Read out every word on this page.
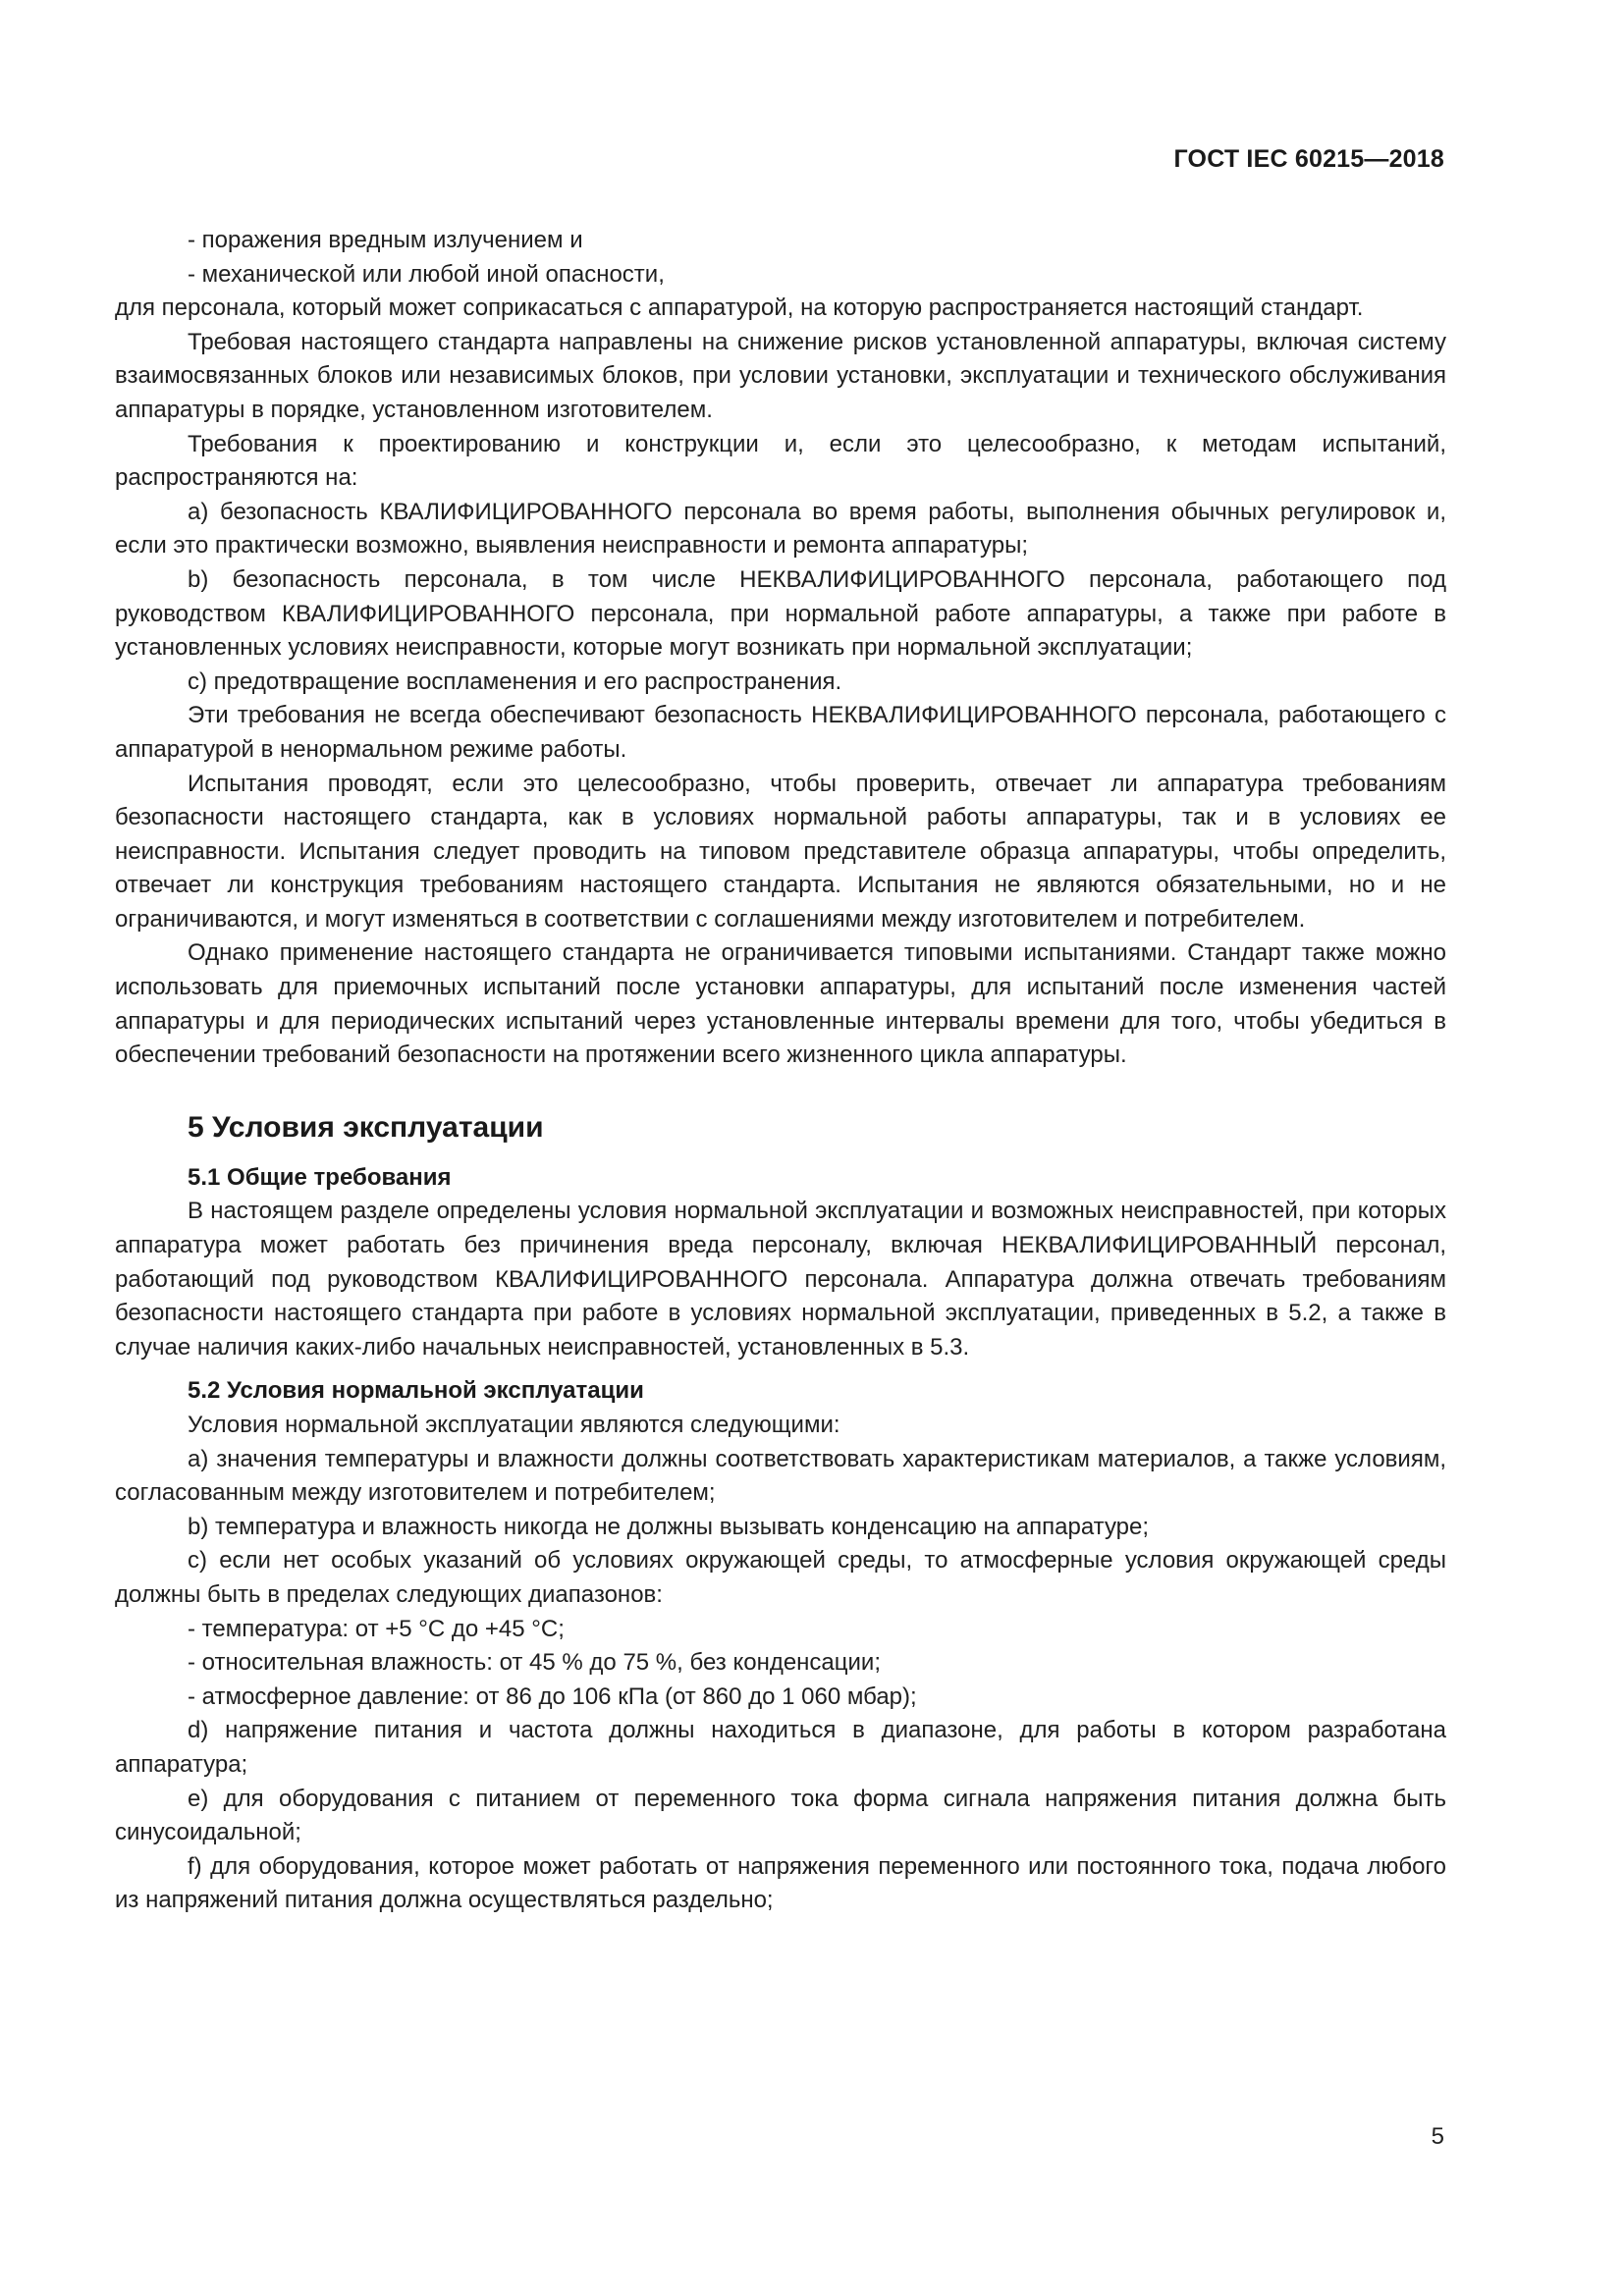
ГОСТ IEC 60215—2018

- поражения вредным излучением и

- механической или любой иной опасности,

для персонала, который может соприкасаться с аппаратурой, на которую распространяется настоящий стандарт.

Требовая настоящего стандарта направлены на снижение рисков установленной аппаратуры, включая систему взаимосвязанных блоков или независимых блоков, при условии установки, эксплуатации и технического обслуживания аппаратуры в порядке, установленном изготовителем.

Требования к проектированию и конструкции и, если это целесообразно, к методам испытаний, распространяются на:

a) безопасность КВАЛИФИЦИРОВАННОГО персонала во время работы, выполнения обычных регулировок и, если это практически возможно, выявления неисправности и ремонта аппаратуры;

b) безопасность персонала, в том числе НЕКВАЛИФИЦИРОВАННОГО персонала, работающего под руководством КВАЛИФИЦИРОВАННОГО персонала, при нормальной работе аппаратуры, а также при работе в установленных условиях неисправности, которые могут возникать при нормальной эксплуатации;

c) предотвращение воспламенения и его распространения.

Эти требования не всегда обеспечивают безопасность НЕКВАЛИФИЦИРОВАННОГО персонала, работающего с аппаратурой в ненормальном режиме работы.

Испытания проводят, если это целесообразно, чтобы проверить, отвечает ли аппаратура требованиям безопасности настоящего стандарта, как в условиях нормальной работы аппаратуры, так и в условиях ее неисправности. Испытания следует проводить на типовом представителе образца аппаратуры, чтобы определить, отвечает ли конструкция требованиям настоящего стандарта. Испытания не являются обязательными, но и не ограничиваются, и могут изменяться в соответствии с соглашениями между изготовителем и потребителем.

Однако применение настоящего стандарта не ограничивается типовыми испытаниями. Стандарт также можно использовать для приемочных испытаний после установки аппаратуры, для испытаний после изменения частей аппаратуры и для периодических испытаний через установленные интервалы времени для того, чтобы убедиться в обеспечении требований безопасности на протяжении всего жизненного цикла аппаратуры.

5 Условия эксплуатации
5.1 Общие требования

В настоящем разделе определены условия нормальной эксплуатации и возможных неисправностей, при которых аппаратура может работать без причинения вреда персоналу, включая НЕКВАЛИФИЦИРОВАННЫЙ персонал, работающий под руководством КВАЛИФИЦИРОВАННОГО персонала. Аппаратура должна отвечать требованиям безопасности настоящего стандарта при работе в условиях нормальной эксплуатации, приведенных в 5.2, а также в случае наличия каких-либо начальных неисправностей, установленных в 5.3.

5.2 Условия нормальной эксплуатации

Условия нормальной эксплуатации являются следующими:

a) значения температуры и влажности должны соответствовать характеристикам материалов, а также условиям, согласованным между изготовителем и потребителем;

b) температура и влажность никогда не должны вызывать конденсацию на аппаратуре;

c) если нет особых указаний об условиях окружающей среды, то атмосферные условия окружающей среды должны быть в пределах следующих диапазонов:

- температура: от +5 °С до +45 °С;

- относительная влажность: от 45 % до 75 %, без конденсации;

- атмосферное давление: от 86 до 106 кПа (от 860 до 1 060 мбар);

d) напряжение питания и частота должны находиться в диапазоне, для работы в котором разработана аппаратура;

e) для оборудования с питанием от переменного тока форма сигнала напряжения питания должна быть синусоидальной;

f) для оборудования, которое может работать от напряжения переменного или постоянного тока, подача любого из напряжений питания должна осуществляться раздельно;

5
